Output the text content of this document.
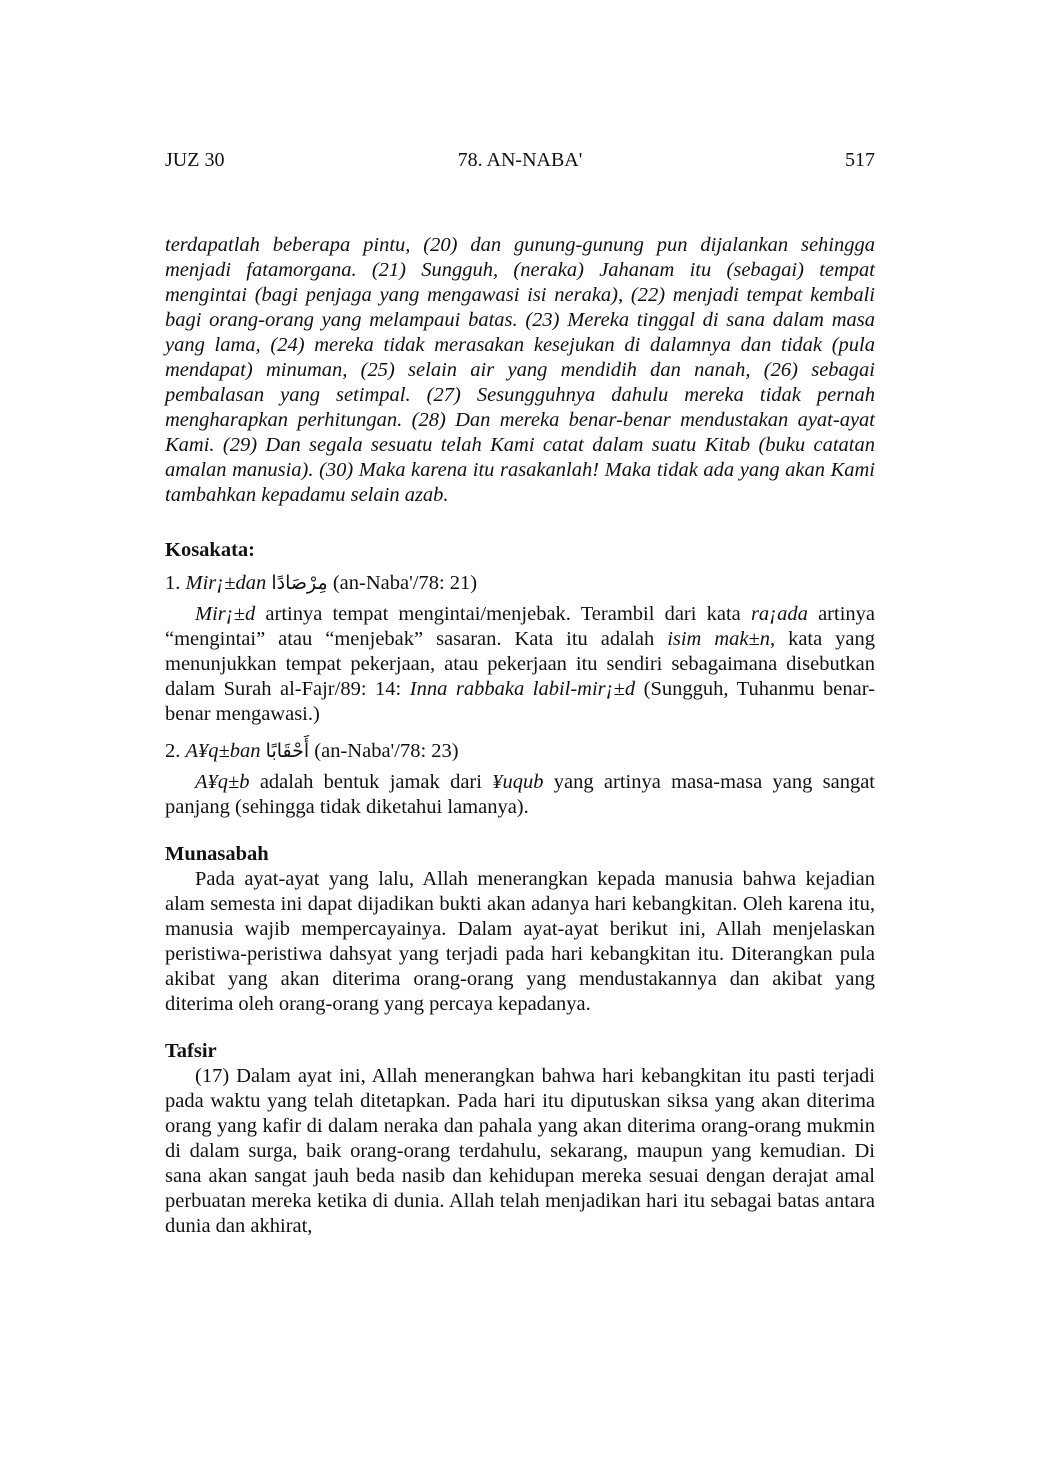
JUZ 30	78. AN-NABA'	517

terdapatlah beberapa pintu, (20) dan gunung-gunung pun dijalankan sehingga menjadi fatamorgana. (21) Sungguh, (neraka) Jahanam itu (sebagai) tempat mengintai (bagi penjaga yang mengawasi isi neraka), (22) menjadi tempat kembali bagi orang-orang yang melampaui batas. (23) Mereka tinggal di sana dalam masa yang lama, (24) mereka tidak merasakan kesejukan di dalamnya dan tidak (pula mendapat) minuman, (25) selain air yang mendidih dan nanah, (26) sebagai pembalasan yang setimpal. (27) Sesungguhnya dahulu mereka tidak pernah mengharapkan perhitungan. (28) Dan mereka benar-benar mendustakan ayat-ayat Kami. (29) Dan segala sesuatu telah Kami catat dalam suatu Kitab (buku catatan amalan manusia). (30) Maka karena itu rasakanlah! Maka tidak ada yang akan Kami tambahkan kepadamu selain azab.

Kosakata:
1. Mir¡±dan مِرْصَادًا (an-Naba'/78: 21)

Mir¡±d artinya tempat mengintai/menjebak. Terambil dari kata ra¡ada artinya “mengintai” atau “menjebak” sasaran. Kata itu adalah isim mak±n, kata yang menunjukkan tempat pekerjaan, atau pekerjaan itu sendiri sebagaimana disebutkan dalam Surah al-Fajr/89: 14: Inna rabbaka labil-mir¡±d (Sungguh, Tuhanmu benar-benar mengawasi.)

2. A¥q±ban أَحْقَابًا (an-Naba'/78: 23)

A¥q±b adalah bentuk jamak dari ¥uqub yang artinya masa-masa yang sangat panjang (sehingga tidak diketahui lamanya).

Munasabah

Pada ayat-ayat yang lalu, Allah menerangkan kepada manusia bahwa kejadian alam semesta ini dapat dijadikan bukti akan adanya hari kebangkitan. Oleh karena itu, manusia wajib mempercayainya. Dalam ayat-ayat berikut ini, Allah menjelaskan peristiwa-peristiwa dahsyat yang terjadi pada hari kebangkitan itu. Diterangkan pula akibat yang akan diterima orang-orang yang mendustakannya dan akibat yang diterima oleh orang-orang yang percaya kepadanya.

Tafsir

(17) Dalam ayat ini, Allah menerangkan bahwa hari kebangkitan itu pasti terjadi pada waktu yang telah ditetapkan. Pada hari itu diputuskan siksa yang akan diterima orang yang kafir di dalam neraka dan pahala yang akan diterima orang-orang mukmin di dalam surga, baik orang-orang terdahulu, sekarang, maupun yang kemudian. Di sana akan sangat jauh beda nasib dan kehidupan mereka sesuai dengan derajat amal perbuatan mereka ketika di dunia. Allah telah menjadikan hari itu sebagai batas antara dunia dan akhirat,
